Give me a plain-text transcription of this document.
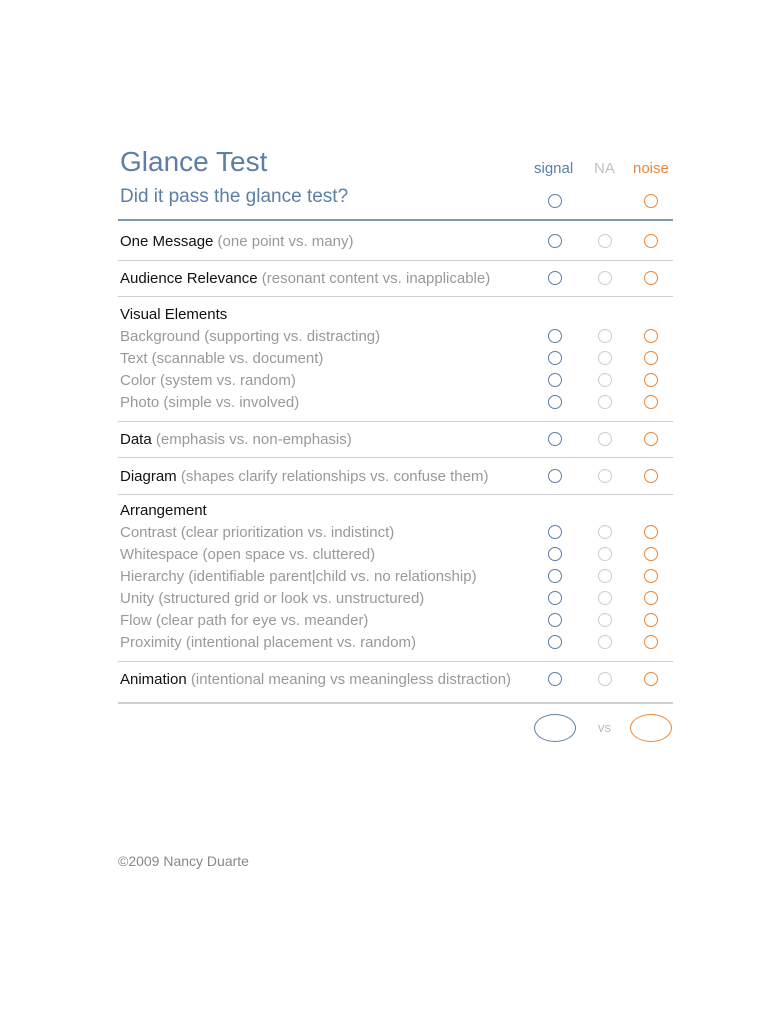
Glance Test
Did it pass the glance test?
signal NA noise
One Message (one point vs. many)
Audience Relevance (resonant content vs. inapplicable)
Visual Elements
Background (supporting vs. distracting)
Text (scannable vs. document)
Color (system vs. random)
Photo (simple vs. involved)
Data (emphasis vs. non-emphasis)
Diagram (shapes clarify relationships vs. confuse them)
Arrangement
Contrast (clear prioritization vs. indistinct)
Whitespace (open space vs. cluttered)
Hierarchy (identifiable parent|child vs. no relationship)
Unity (structured grid or look vs. unstructured)
Flow (clear path for eye vs. meander)
Proximity (intentional placement vs. random)
Animation (intentional meaning vs meaningless distraction)
vs
©2009 Nancy Duarte
